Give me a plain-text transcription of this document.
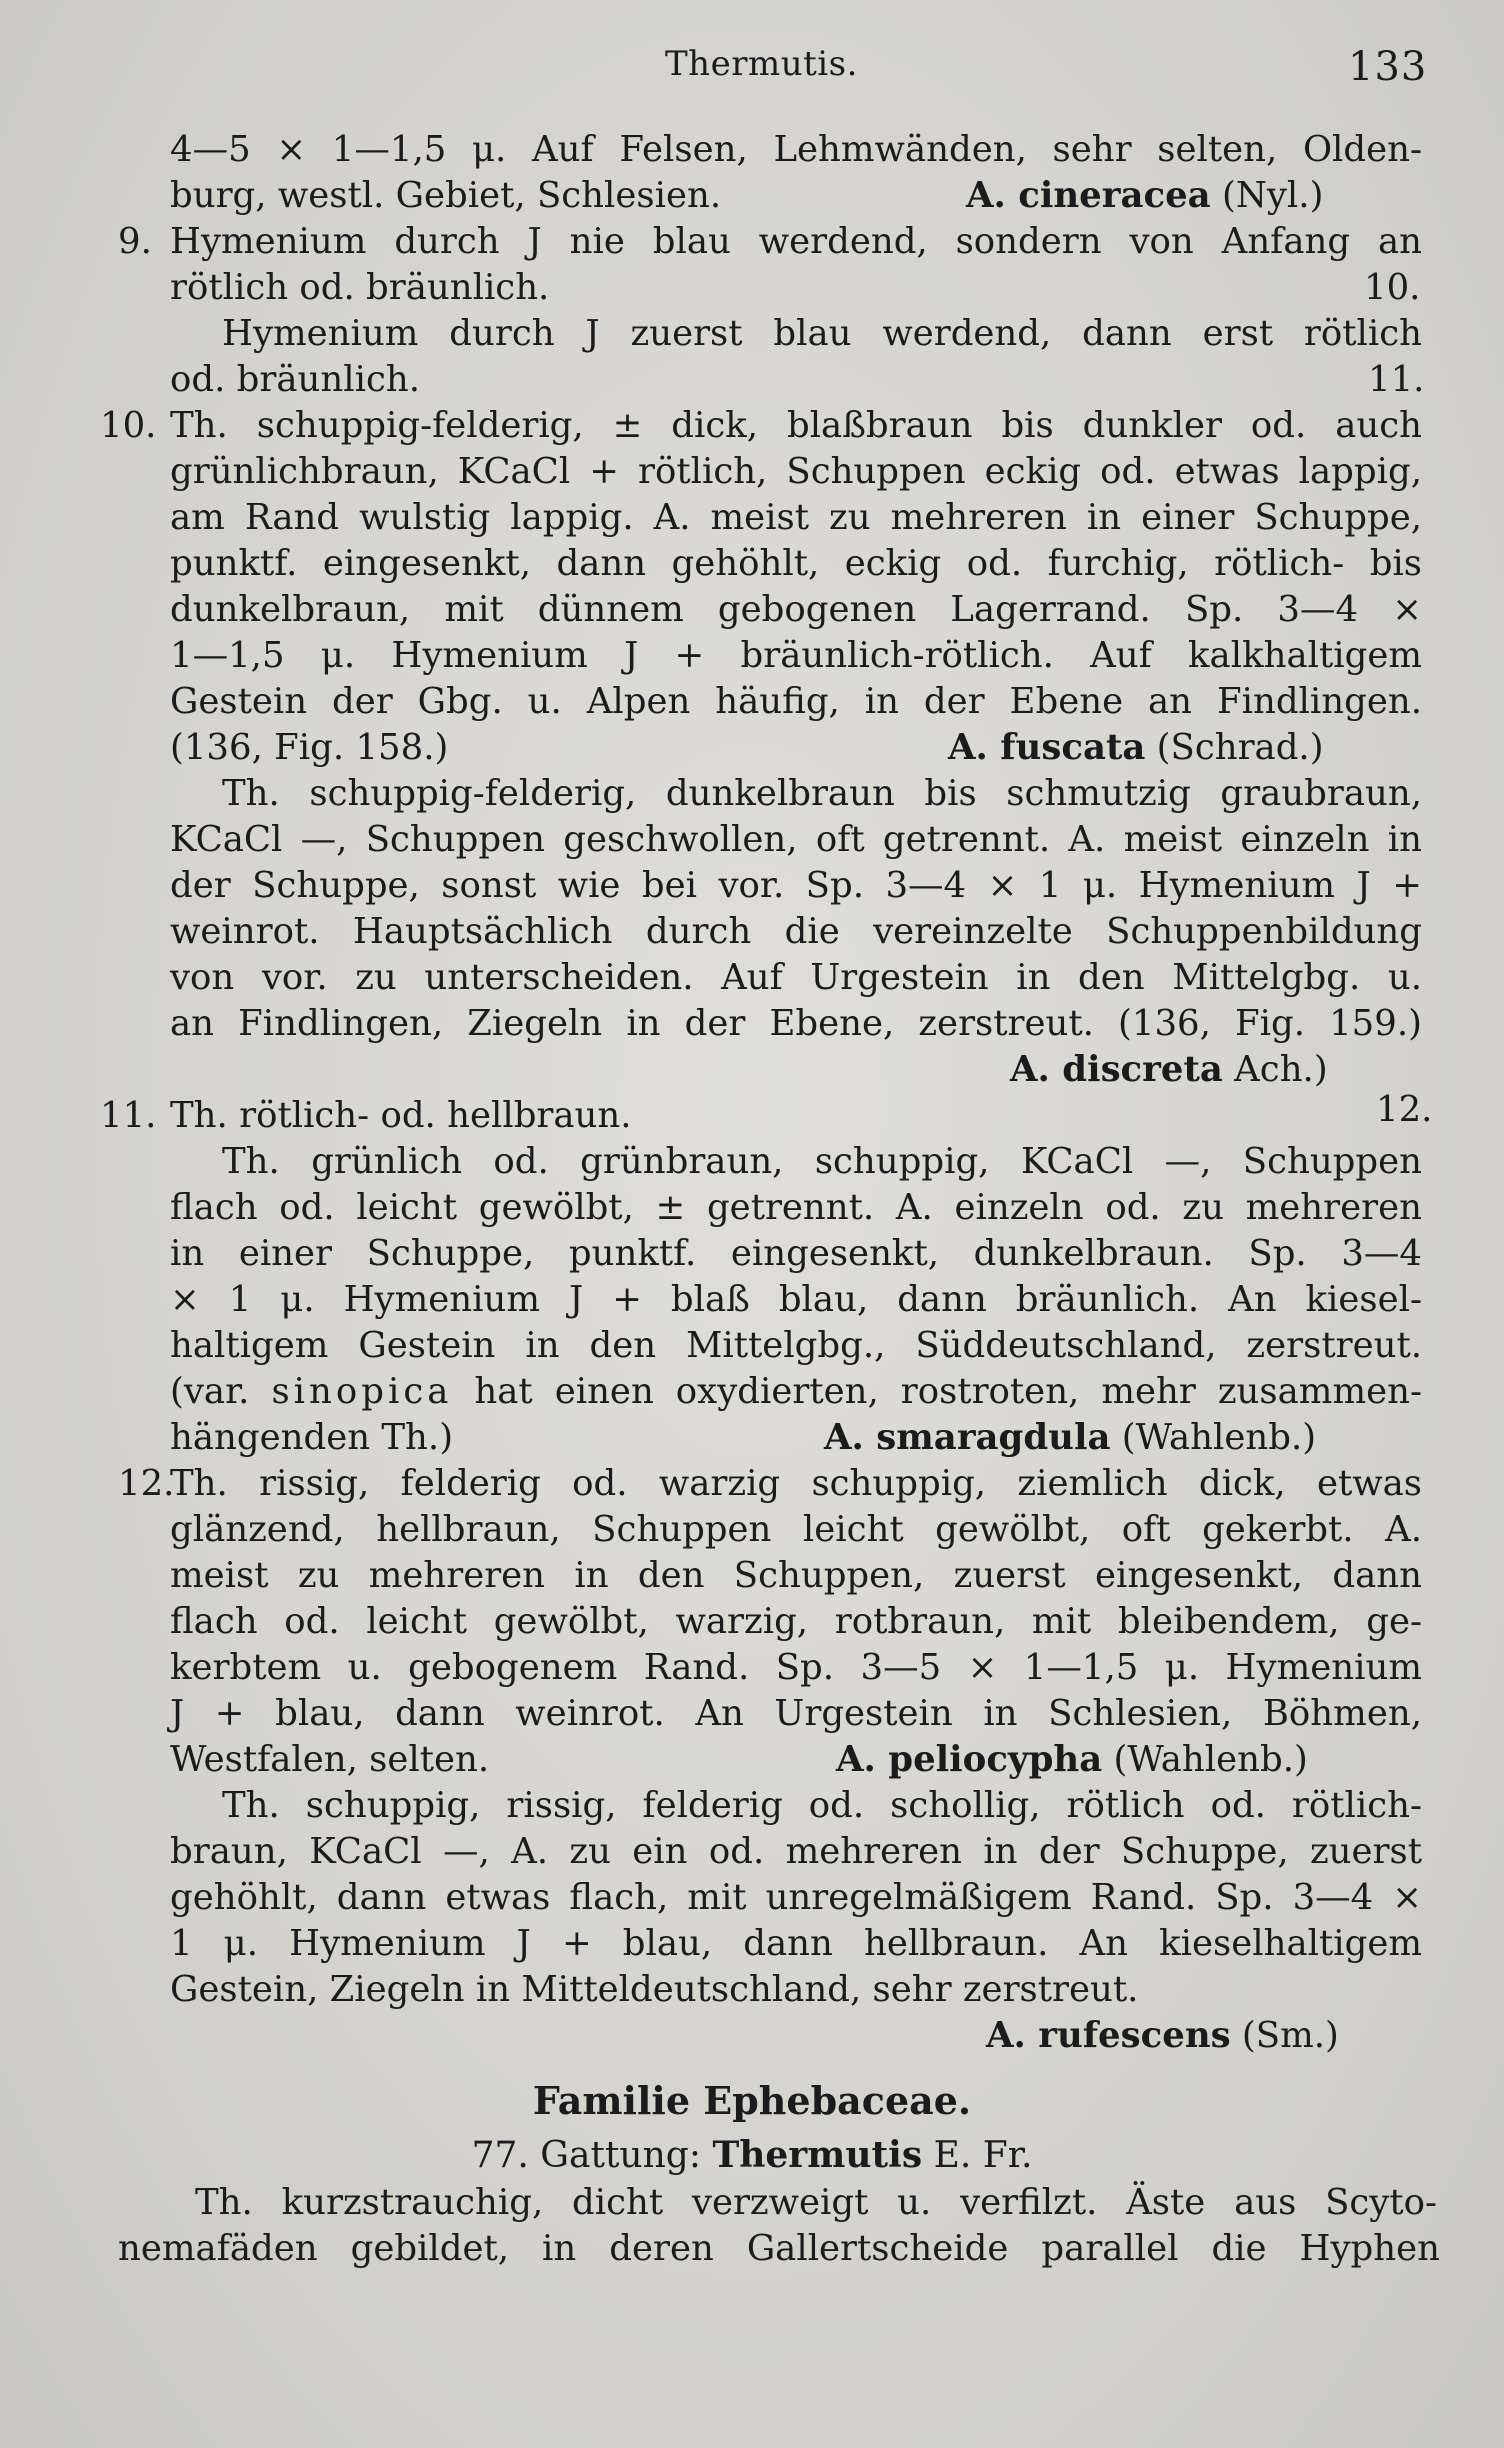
Thermutis.	133
4—5 × 1—1,5 μ. Auf Felsen, Lehmwänden, sehr selten, Olden-
burg, westl. Gebiet, Schlesien.	A. cineracea (Nyl.)
9. Hymenium durch J nie blau werdend, sondern von Anfang an
rötlich od. bräunlich.	10.
Hymenium durch J zuerst blau werdend, dann erst rötlich
od. bräunlich.	11.
10. Th. schuppig-felderig, ± dick, blaßbraun bis dunkler od. auch
grünlichbraun, KCaCl + rötlich, Schuppen eckig od. etwas lappig,
am Rand wulstig lappig. A. meist zu mehreren in einer Schuppe,
punktf. eingesenkt, dann gehöhlt, eckig od. furchig, rötlich- bis
dunkelbraun, mit dünnem gebogenen Lagerrand. Sp. 3—4 ×
1—1,5 μ. Hymenium J + bräunlich-rötlich. Auf kalkhaltigem
Gestein der Gbg. u. Alpen häufig, in der Ebene an Findlingen.
(136, Fig. 158.)	A. fuscata (Schrad.)
Th. schuppig-felderig, dunkelbraun bis schmutzig graubraun,
KCaCl —, Schuppen geschwollen, oft getrennt. A. meist einzeln in
der Schuppe, sonst wie bei vor. Sp. 3—4 × 1 μ. Hymenium J +
weinrot. Hauptsächlich durch die vereinzelte Schuppenbildung
von vor. zu unterscheiden. Auf Urgestein in den Mittelgbg. u.
an Findlingen, Ziegeln in der Ebene, zerstreut. (136, Fig. 159.)
A. discreta Ach.)
11. Th. rötlich- od. hellbraun.	12.
Th. grünlich od. grünbraun, schuppig, KCaCl —, Schuppen
flach od. leicht gewölbt, ± getrennt. A. einzeln od. zu mehreren
in einer Schuppe, punktf. eingesenkt, dunkelbraun. Sp. 3—4
× 1 μ. Hymenium J + blaß blau, dann bräunlich. An kiesel-
haltigem Gestein in den Mittelgbg., Süddeutschland, zerstreut.
(var. sinopica hat einen oxydierten, rostroten, mehr zusammen-
hängenden Th.)	A. smaragdula (Wahlenb.)
12.
Th. rissig, felderig od. warzig schuppig, ziemlich dick, etwas
glänzend, hellbraun, Schuppen leicht gewölbt, oft gekerbt. A.
meist zu mehreren in den Schuppen, zuerst eingesenkt, dann
flach od. leicht gewölbt, warzig, rotbraun, mit bleibendem, ge-
kerbtem u. gebogenem Rand. Sp. 3—5 × 1—1,5 μ. Hymenium
J + blau, dann weinrot. An Urgestein in Schlesien, Böhmen,
Westfalen, selten.	A. peliocypha (Wahlenb.)
Th. schuppig, rissig, felderig od. schollig, rötlich od. rötlich-
braun, KCaCl —, A. zu ein od. mehreren in der Schuppe, zuerst
gehöhlt, dann etwas flach, mit unregelmäßigem Rand. Sp. 3—4 ×
1 μ. Hymenium J + blau, dann hellbraun. An kieselhaltigem
Gestein, Ziegeln in Mitteldeutschland, sehr zerstreut.
A. rufescens (Sm.)
Familie Ephebaceae.
77. Gattung: Thermutis E. Fr.
Th. kurzstrauchig, dicht verzweigt u. verfilzt. Äste aus Scyto-
nemafäden gebildet, in deren Gallertscheide parallel die Hyphen
